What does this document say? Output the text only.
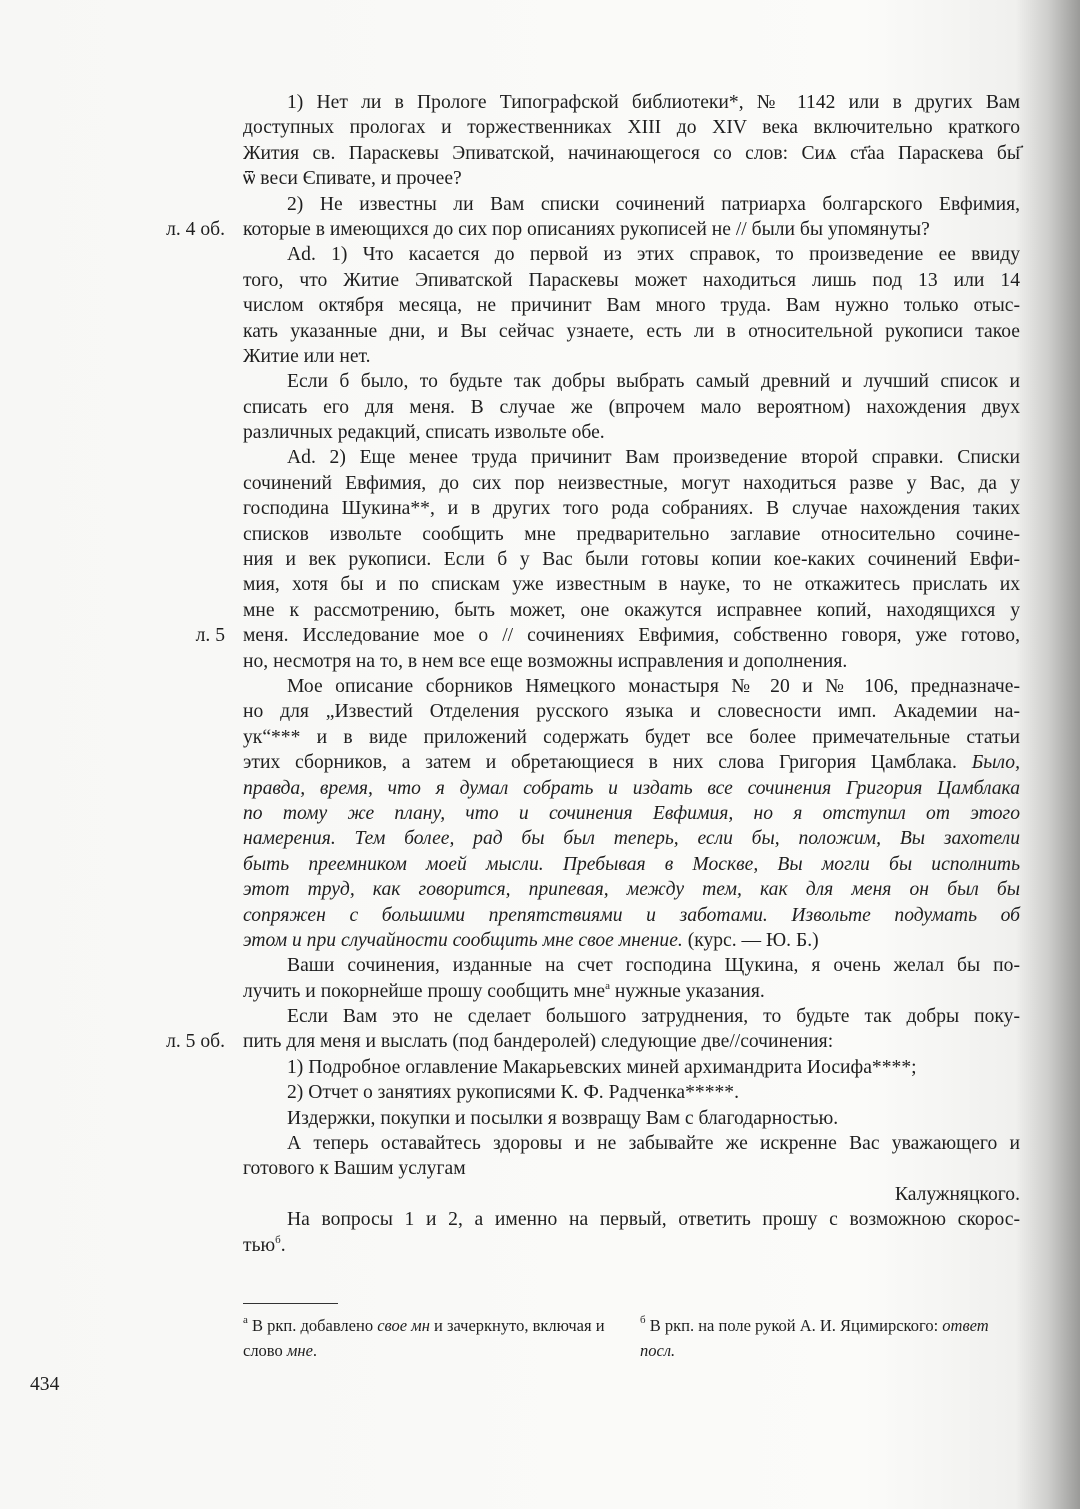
1) Нет ли в Прологе Типографской библиотеки*, № 1142 или в других Вам
доступных прологах и торжественниках XIII до XIV века включительно краткого
Жития св. Параскевы Эпиватской, начинающегося со слов: Сиѧ ст҃аа Параскева бы҃
ѿ веси Єпивате, и прочее?
2) Не известны ли Вам списки сочинений патриарха болгарского Евфимия,
л. 4 об. которые в имеющихся до сих пор описаниях рукописей не // были бы упомянуты?
Ad. 1) Что касается до первой из этих справок, то произведение ее ввиду
того, что Житие Эпиватской Параскевы может находиться лишь под 13 или 14
числом октября месяца, не причинит Вам много труда. Вам нужно только отыс-
кать указанные дни, и Вы сейчас узнаете, есть ли в относительной рукописи такое
Житие или нет.
Если б было, то будьте так добры выбрать самый древний и лучший список и
списать его для меня. В случае же (впрочем мало вероятном) нахождения двух
различных редакций, списать извольте обе.
Ad. 2) Еще менее труда причинит Вам произведение второй справки. Списки
сочинений Евфимия, до сих пор неизвестные, могут находиться разве у Вас, да у
господина Шукина**, и в других того рода собраниях. В случае нахождения таких
списков извольте сообщить мне предварительно заглавие относительно сочине-
ния и век рукописи. Если б у Вас были готовы копии кое-каких сочинений Евфи-
мия, хотя бы и по спискам уже известным в науке, то не откажитесь прислать их
мне к рассмотрению, быть может, оне окажутся исправнее копий, находящихся у
л. 5 меня. Исследование мое о // сочинениях Евфимия, собственно говоря, уже готово,
но, несмотря на то, в нем все еще возможны исправления и дополнения.
Мое описание сборников Нямецкого монастыря № 20 и № 106, предназначе-
но для „Известий Отделения русского языка и словесности имп. Академии на-
ук“*** и в виде приложений содержать будет все более примечательные статьи
этих сборников, а затем и обретающиеся в них слова Григория Цамблака. Было,
правда, время, что я думал собрать и издать все сочинения Григория Цамблака
по тому же плану, что и сочинения Евфимия, но я отступил от этого
намерения. Тем более, рад бы был теперь, если бы, положим, Вы захотели
быть преемником моей мысли. Пребывая в Москве, Вы могли бы исполнить
этот труд, как говорится, припевая, между тем, как для меня он был бы
сопряжен с большими препятствиями и заботами. Извольте подумать об
этом и при случайности сообщить мне свое мнение. (курс. — Ю. Б.)
Ваши сочинения, изданные на счет господина Щукина, я очень желал бы по-
лучить и покорнейше прошу сообщить мне$^а$ нужные указания.
Если Вам это не сделает большого затруднения, то будьте так добры поку-
л. 5 об. пить для меня и выслать (под бандеролей) следующие две//сочинения:
1) Подробное оглавление Макарьевских миней архимандрита Иосифа****;
2) Отчет о занятиях рукописями К. Ф. Радченка*****.
Издержки, покупки и посылки я возвращу Вам с благодарностью.
А теперь оставайтесь здоровы и не забывайте же искренне Вас уважающего и
готового к Вашим услугам
Калужняцкого.
На вопросы 1 и 2, а именно на первый, ответить прошу с возможною скорос-
тью$^б$.
$^а$ В ркп. добавлено свое мн и зачеркнуто, включая и слово мне.
$^б$ В ркп. на поле рукой А. И. Яцимирского: ответ посл.
434
